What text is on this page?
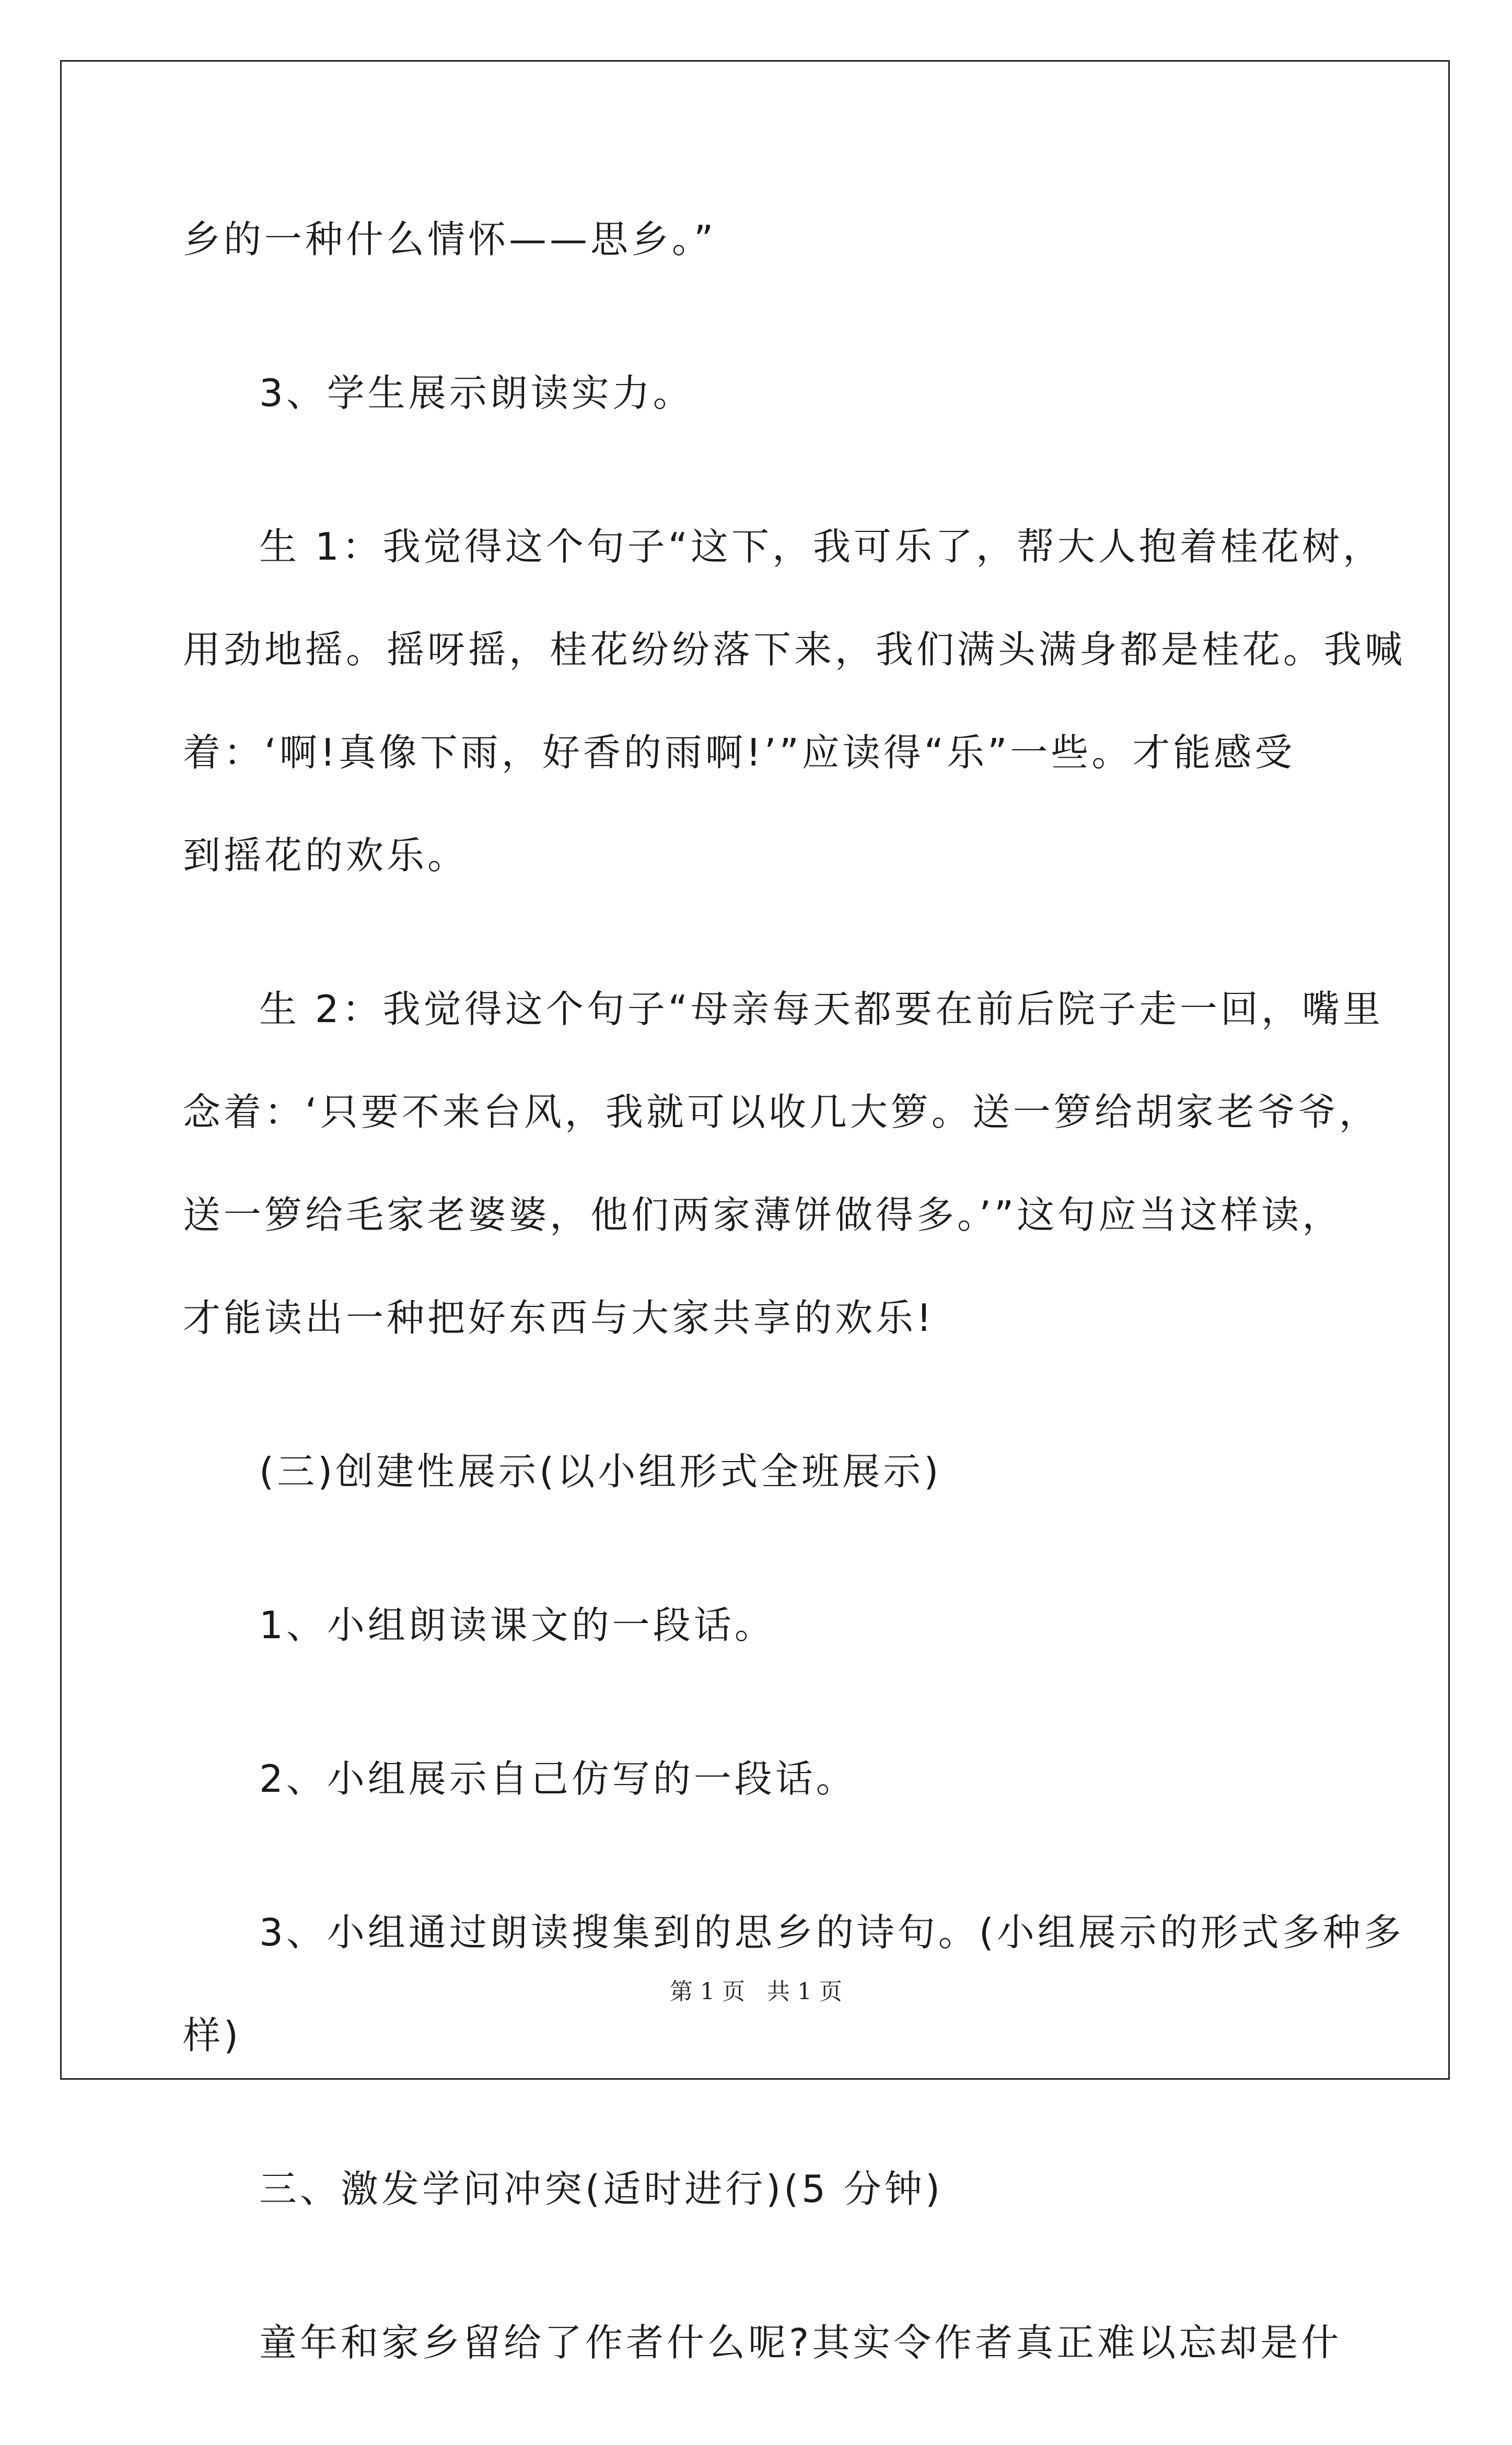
乡的一种什么情怀——思乡。”

3、学生展示朗读实力。

生 1：我觉得这个句子“这下，我可乐了，帮大人抱着桂花树，
用劲地摇。摇呀摇，桂花纷纷落下来，我们满头满身都是桂花。我喊
着：‘啊!真像下雨，好香的雨啊!’”应读得“乐”一些。才能感受
到摇花的欢乐。

生 2：我觉得这个句子“母亲每天都要在前后院子走一回，嘴里
念着：‘只要不来台风，我就可以收几大箩。送一箩给胡家老爷爷，
送一箩给毛家老婆婆，他们两家薄饼做得多。’”这句应当这样读，
才能读出一种把好东西与大家共享的欢乐!

(三)创建性展示(以小组形式全班展示)

1、小组朗读课文的一段话。

2、小组展示自己仿写的一段话。

3、小组通过朗读搜集到的思乡的诗句。(小组展示的形式多种多
样)

三、激发学问冲突(适时进行)(5 分钟)

童年和家乡留给了作者什么呢?其实令作者真正难以忘却是什

第 1 页 共 1 页
